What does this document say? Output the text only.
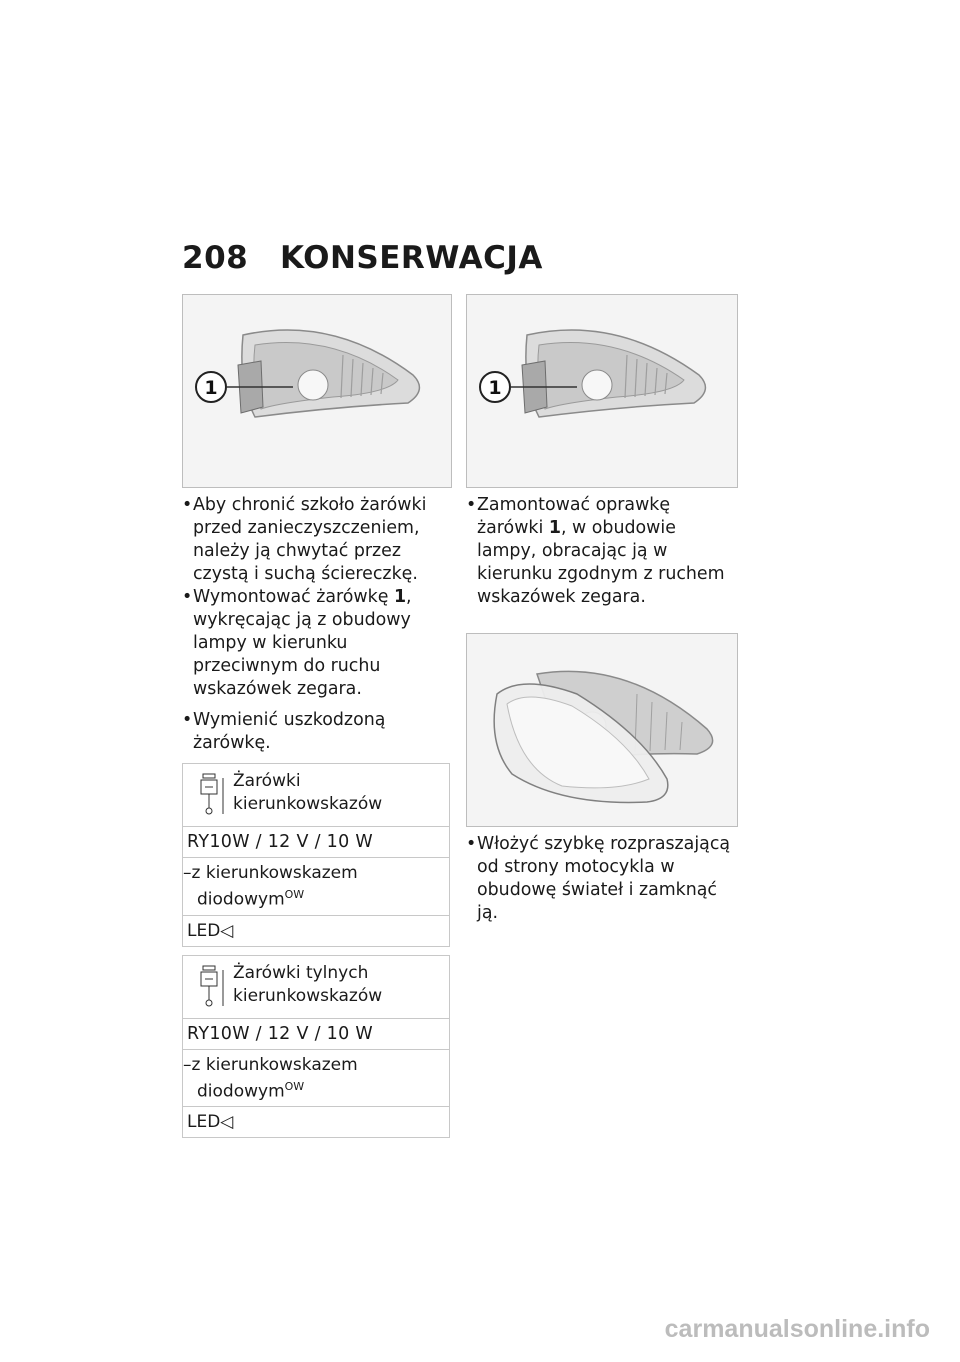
208 KONSERWACJA
1
• Aby chronić szkoło żarówki przed zanieczyszczeniem, należy ją chwytać przez czystą i suchą ściereczkę.
• Wymontować żarówkę 1, wykręcając ją z obudowy lampy w kierunku przeciwnym do ruchu wskazówek zegara.
• Wymienić uszkodzoną żarówkę.
Żarówki kierunkowskazów
RY10W / 12 V / 10 W
–z kierunkowskazem diodowym$^{OW}$
LED◁
Żarówki tylnych kierunkowskazów
RY10W / 12 V / 10 W
–z kierunkowskazem diodowym$^{OW}$
LED◁
1
• Zamontować oprawkę żarówki 1, w obudowie lampy, obracając ją w kierunku zgodnym z ruchem wskazówek zegara.
• Włożyć szybkę rozpraszającą od strony motocykla w obudowę świateł i zamknąć ją.
carmanualsonline.info
